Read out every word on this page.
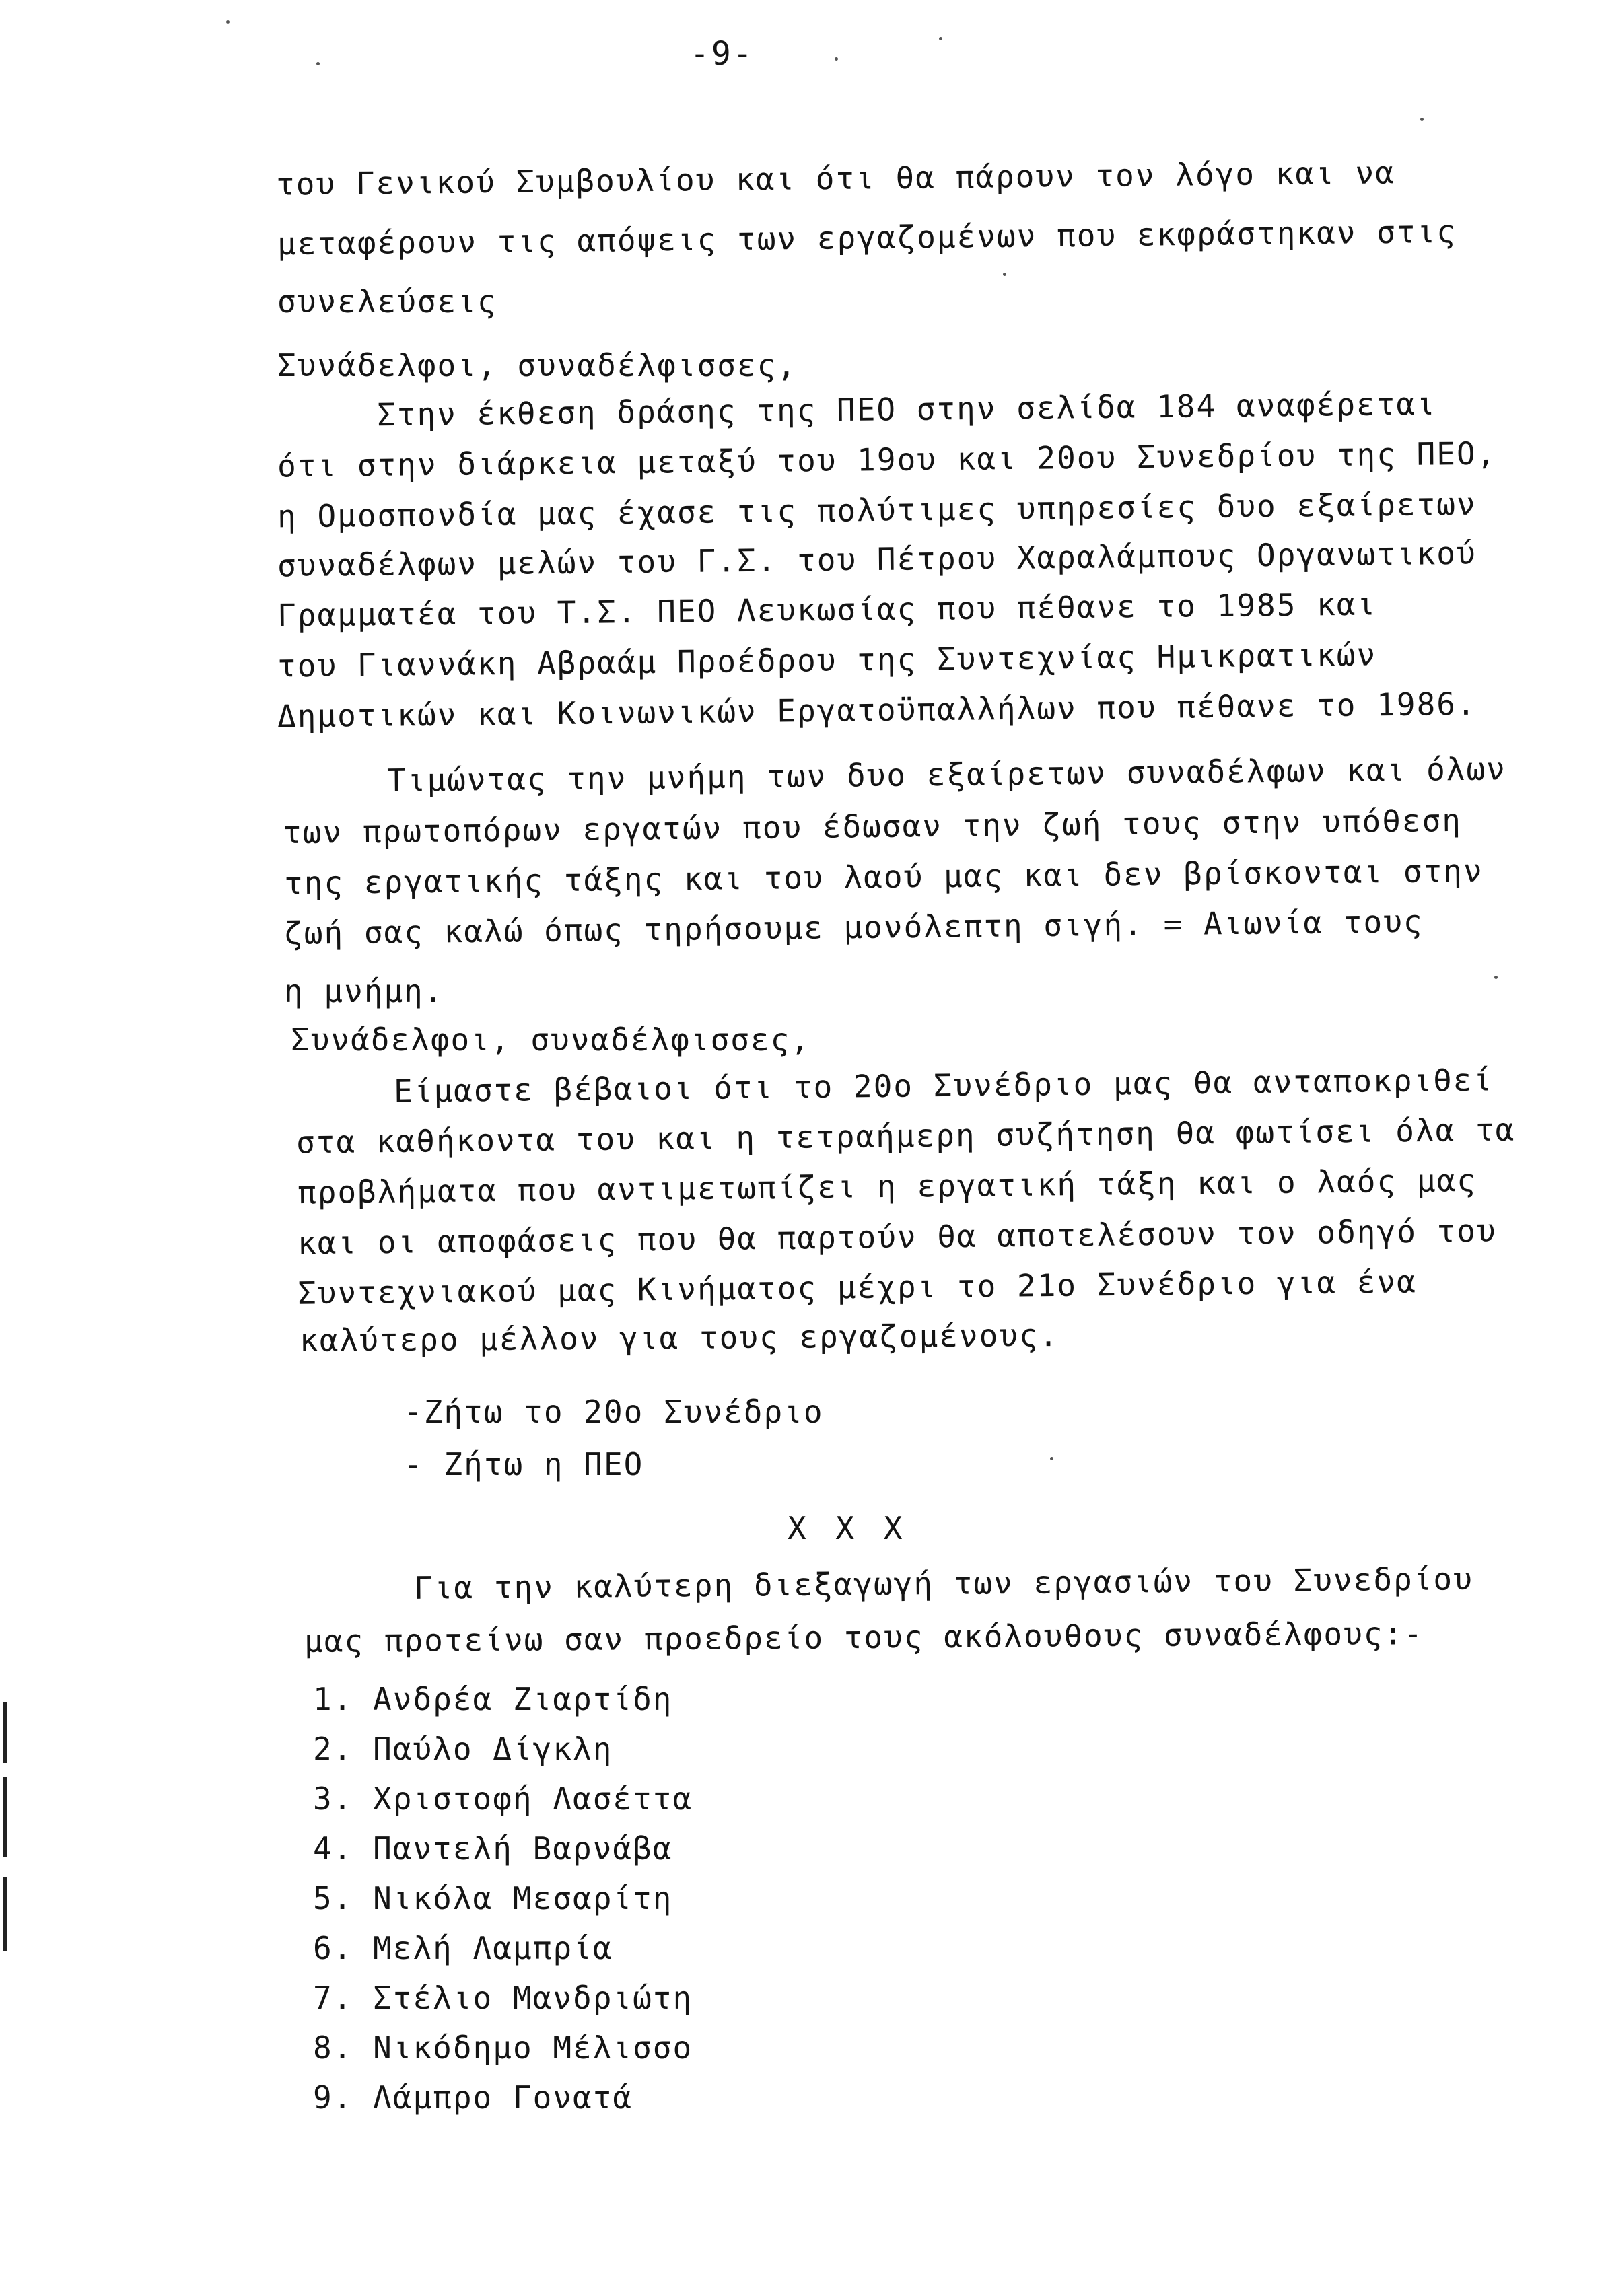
-9-
του Γενικού Συμβουλίου και ότι θα πάρουν τον λόγο και να
μεταφέρουν τις απόψεις των εργαζομένων που εκφράστηκαν στις
συνελεύσεις
Συνάδελφοι, συναδέλφισσες,
Στην έκθεση δράσης της ΠΕΟ στην σελίδα 184 αναφέρεται
ότι στην διάρκεια μεταξύ του 19ου και 20ου Συνεδρίου της ΠΕΟ,
η Ομοσπονδία μας έχασε τις πολύτιμες υπηρεσίες δυο εξαίρετων
συναδέλφων μελών του Γ.Σ. του Πέτρου Χαραλάμπους Οργανωτικού
Γραμματέα του Τ.Σ. ΠΕΟ Λευκωσίας που πέθανε το 1985 και
του Γιαννάκη Αβραάμ Προέδρου της Συντεχνίας Ημικρατικών
Δημοτικών και Κοινωνικών Εργατοϋπαλλήλων που πέθανε το 1986.
Τιμώντας την μνήμη των δυο εξαίρετων συναδέλφων και όλων
των πρωτοπόρων εργατών που έδωσαν την ζωή τους στην υπόθεση
της εργατικής τάξης και του λαού μας και δεν βρίσκονται στην
ζωή σας καλώ όπως τηρήσουμε μονόλεπτη σιγή. = Αιωνία τους
η μνήμη.
Συνάδελφοι, συναδέλφισσες,
Είμαστε βέβαιοι ότι το 20ο Συνέδριο μας θα ανταποκριθεί
στα καθήκοντα του και η τετραήμερη συζήτηση θα φωτίσει όλα τα
προβλήματα που αντιμετωπίζει η εργατική τάξη και ο λαός μας
και οι αποφάσεις που θα παρτούν θα αποτελέσουν τον οδηγό του
Συντεχνιακού μας Κινήματος μέχρι το 21ο Συνέδριο για ένα
καλύτερο μέλλον για τους εργαζομένους.
-Ζήτω το 20ο Συνέδριο
- Ζήτω η ΠΕΟ
Χ Χ Χ
Για την καλύτερη διεξαγωγή των εργασιών του Συνεδρίου
μας προτείνω σαν προεδρείο τους ακόλουθους συναδέλφους:-
1. Ανδρέα Ζιαρτίδη
2. Παύλο Δίγκλη
3. Χριστοφή Λασέττα
4. Παντελή Βαρνάβα
5. Νικόλα Μεσαρίτη
6. Μελή Λαμπρία
7. Στέλιο Μανδριώτη
8. Νικόδημο Μέλισσο
9. Λάμπρο Γονατά
